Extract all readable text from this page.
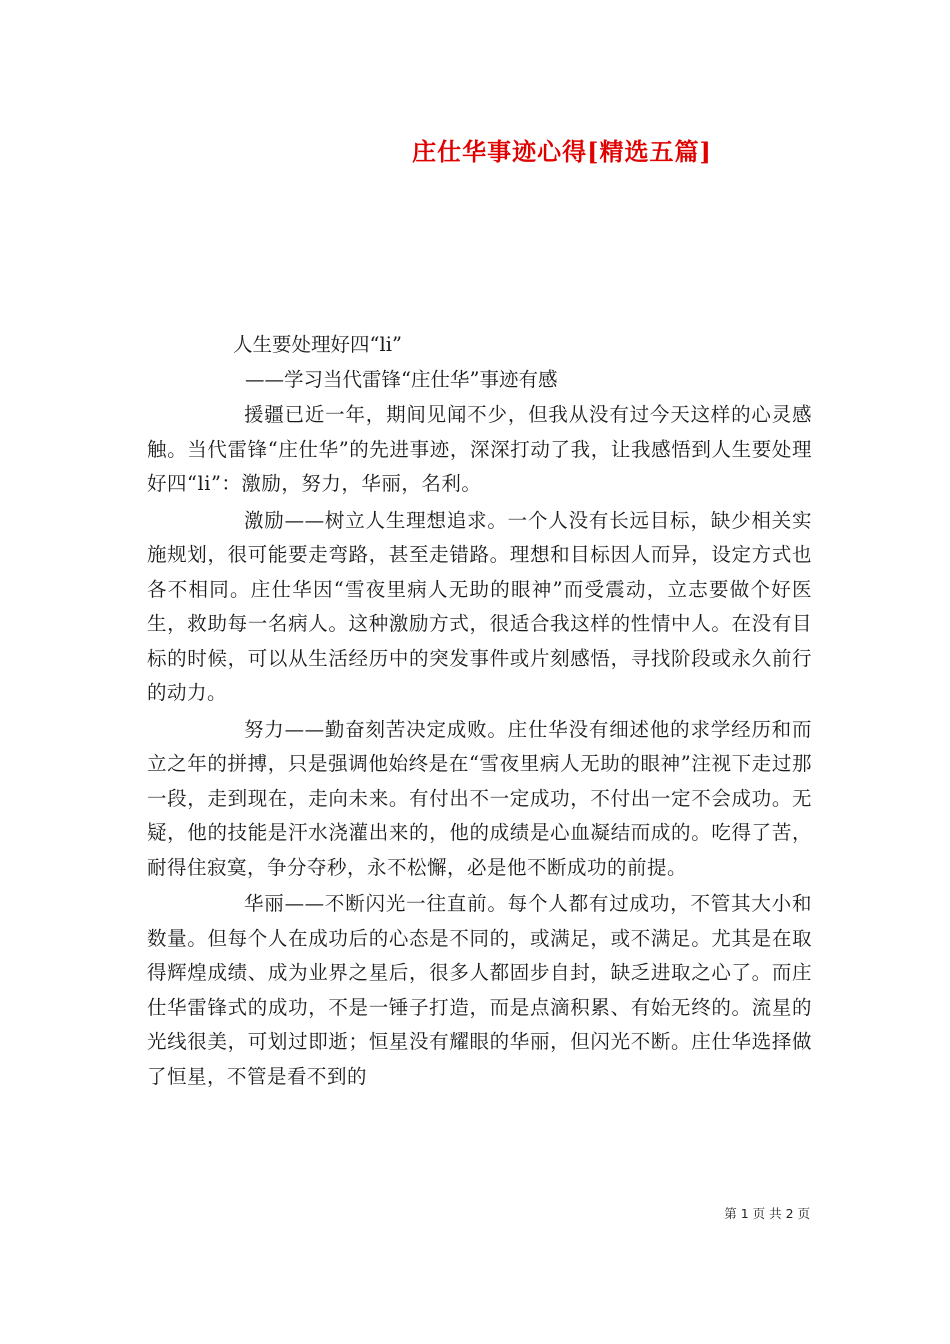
庄仕华事迹心得[精选五篇]
人生要处理好四“li”
——学习当代雷锋“庄仕华”事迹有感

援疆已近一年，期间见闻不少，但我从没有过今天这样的心灵感触。当代雷锋“庄仕华”的先进事迹，深深打动了我，让我感悟到人生要处理好四“li”：激励，努力，华丽，名利。

激励——树立人生理想追求。一个人没有长远目标，缺少相关实施规划，很可能要走弯路，甚至走错路。理想和目标因人而异，设定方式也各不相同。庄仕华因“雪夜里病人无助的眼神”而受震动，立志要做个好医生，救助每一名病人。这种激励方式，很适合我这样的性情中人。在没有目标的时候，可以从生活经历中的突发事件或片刻感悟，寻找阶段或永久前行的动力。

努力——勤奋刻苦决定成败。庄仕华没有细述他的求学经历和而立之年的拼搏，只是强调他始终是在“雪夜里病人无助的眼神”注视下走过那一段，走到现在，走向未来。有付出不一定成功，不付出一定不会成功。无疑，他的技能是汗水浇灌出来的，他的成绩是心血凝结而成的。吃得了苦，耐得住寂寞，争分夺秒，永不松懈，必是他不断成功的前提。

华丽——不断闪光一往直前。每个人都有过成功，不管其大小和数量。但每个人在成功后的心态是不同的，或满足，或不满足。尤其是在取得辉煌成绩、成为业界之星后，很多人都固步自封，缺乏进取之心了。而庄仕华雷锋式的成功，不是一锤子打造，而是点滴积累、有始无终的。流星的光线很美，可划过即逝；恒星没有耀眼的华丽，但闪光不断。庄仕华选择做了恒星，不管是看不到的

第 1 页 共 2 页
